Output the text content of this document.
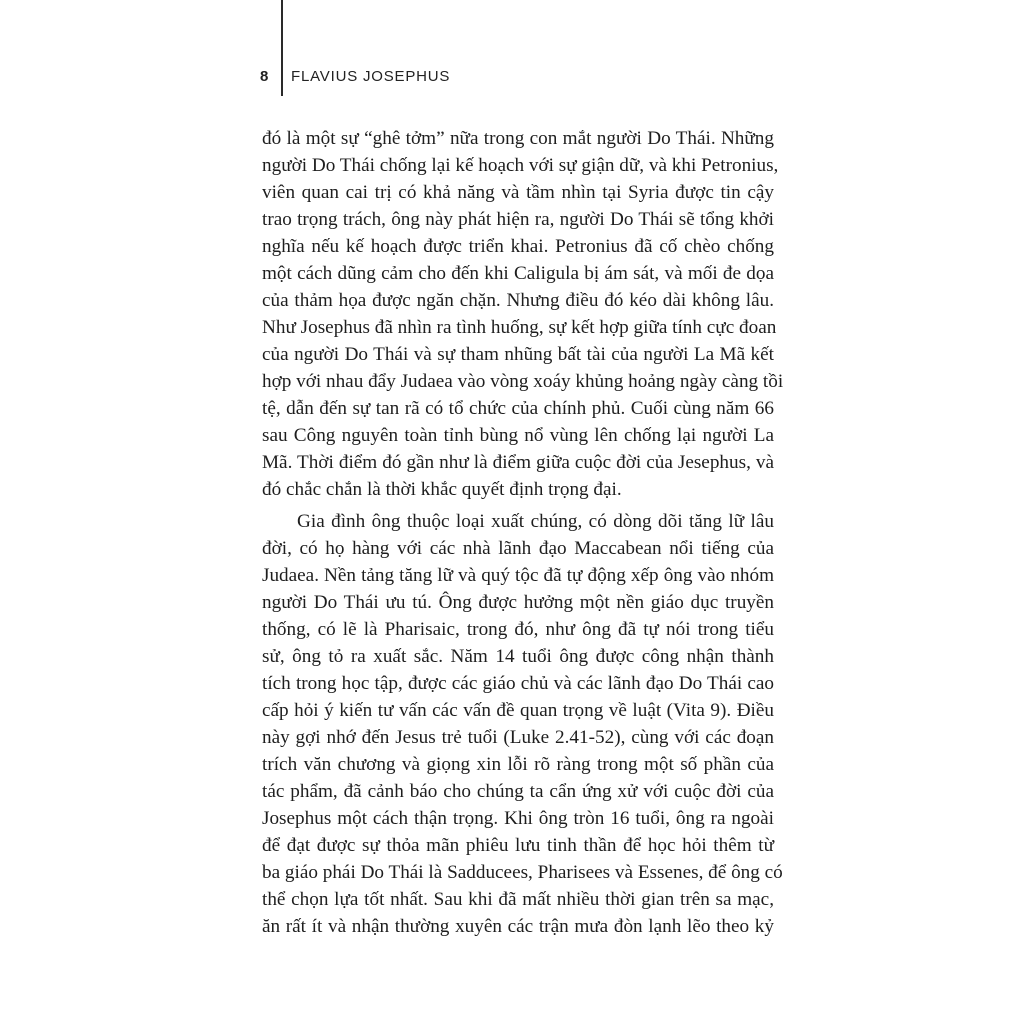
8 FLAVIUS JOSEPHUS
đó là một sự “ghê tởm” nữa trong con mắt người Do Thái. Những
người Do Thái chống lại kế hoạch với sự giận dữ, và khi Petronius,
viên quan cai trị có khả năng và tầm nhìn tại Syria được tin cậy
trao trọng trách, ông này phát hiện ra, người Do Thái sẽ tổng khởi
nghĩa nếu kế hoạch được triển khai. Petronius đã cố chèo chống
một cách dũng cảm cho đến khi Caligula bị ám sát, và mối đe dọa
của thảm họa được ngăn chặn. Nhưng điều đó kéo dài không lâu.
Như Josephus đã nhìn ra tình huống, sự kết hợp giữa tính cực đoan
của người Do Thái và sự tham nhũng bất tài của người La Mã kết
hợp với nhau đẩy Judaea vào vòng xoáy khủng hoảng ngày càng tồi
tệ, dẫn đến sự tan rã có tổ chức của chính phủ. Cuối cùng năm 66
sau Công nguyên toàn tỉnh bùng nổ vùng lên chống lại người La
Mã. Thời điểm đó gần như là điểm giữa cuộc đời của Jesephus, và
đó chắc chắn là thời khắc quyết định trọng đại.
Gia đình ông thuộc loại xuất chúng, có dòng dõi tăng lữ lâu
đời, có họ hàng với các nhà lãnh đạo Maccabean nổi tiếng của
Judaea. Nền tảng tăng lữ và quý tộc đã tự động xếp ông vào nhóm
người Do Thái ưu tú. Ông được hưởng một nền giáo dục truyền
thống, có lẽ là Pharisaic, trong đó, như ông đã tự nói trong tiểu
sử, ông tỏ ra xuất sắc. Năm 14 tuổi ông được công nhận thành
tích trong học tập, được các giáo chủ và các lãnh đạo Do Thái cao
cấp hỏi ý kiến tư vấn các vấn đề quan trọng về luật (Vita 9). Điều
này gợi nhớ đến Jesus trẻ tuổi (Luke 2.41-52), cùng với các đoạn
trích văn chương và giọng xin lỗi rõ ràng trong một số phần của
tác phẩm, đã cảnh báo cho chúng ta cẩn ứng xử với cuộc đời của
Josephus một cách thận trọng. Khi ông tròn 16 tuổi, ông ra ngoài
để đạt được sự thỏa mãn phiêu lưu tinh thần để học hỏi thêm từ
ba giáo phái Do Thái là Sadducees, Pharisees và Essenes, để ông có
thể chọn lựa tốt nhất. Sau khi đã mất nhiều thời gian trên sa mạc,
ăn rất ít và nhận thường xuyên các trận mưa đòn lạnh lẽo theo kỷ
